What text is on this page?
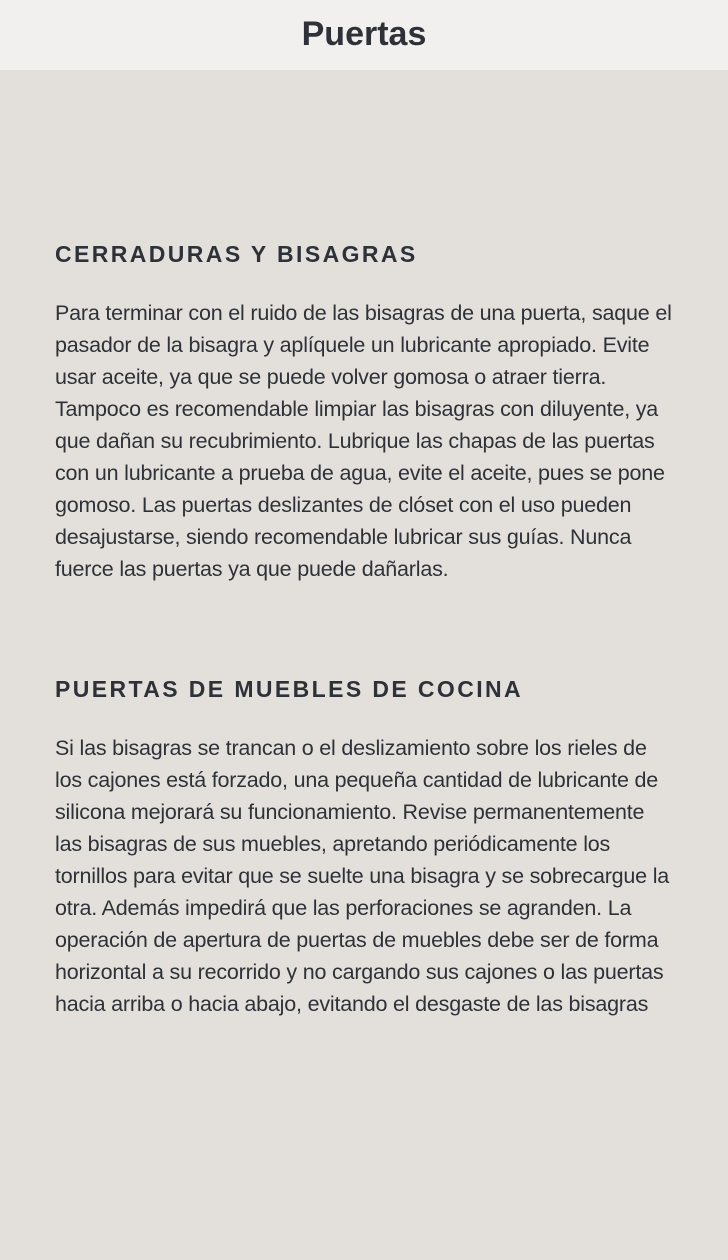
Puertas
CERRADURAS Y BISAGRAS

Para terminar con el ruido de las bisagras de una puerta, saque el pasador de la bisagra y aplíquele un lubricante apropiado. Evite usar aceite, ya que se puede volver gomosa o atraer tierra. Tampoco es recomendable limpiar las bisagras con diluyente, ya que dañan su recubrimiento. Lubrique las chapas de las puertas con un lubricante a prueba de agua, evite el aceite, pues se pone gomoso. Las puertas deslizantes de clóset con el uso pueden desajustarse, siendo recomendable lubricar sus guías. Nunca fuerce las puertas ya que puede dañarlas.

PUERTAS DE MUEBLES DE COCINA

Si las bisagras se trancan o el deslizamiento sobre los rieles de los cajones está forzado, una pequeña cantidad de lubricante de silicona mejorará su funcionamiento. Revise permanentemente las bisagras de sus muebles, apretando periódicamente los tornillos para evitar que se suelte una bisagra y se sobrecargue la otra. Además impedirá que las perforaciones se agranden. La operación de apertura de puertas de muebles debe ser de forma horizontal a su recorrido y no cargando sus cajones o las puertas hacia arriba o hacia abajo, evitando el desgaste de las bisagras
